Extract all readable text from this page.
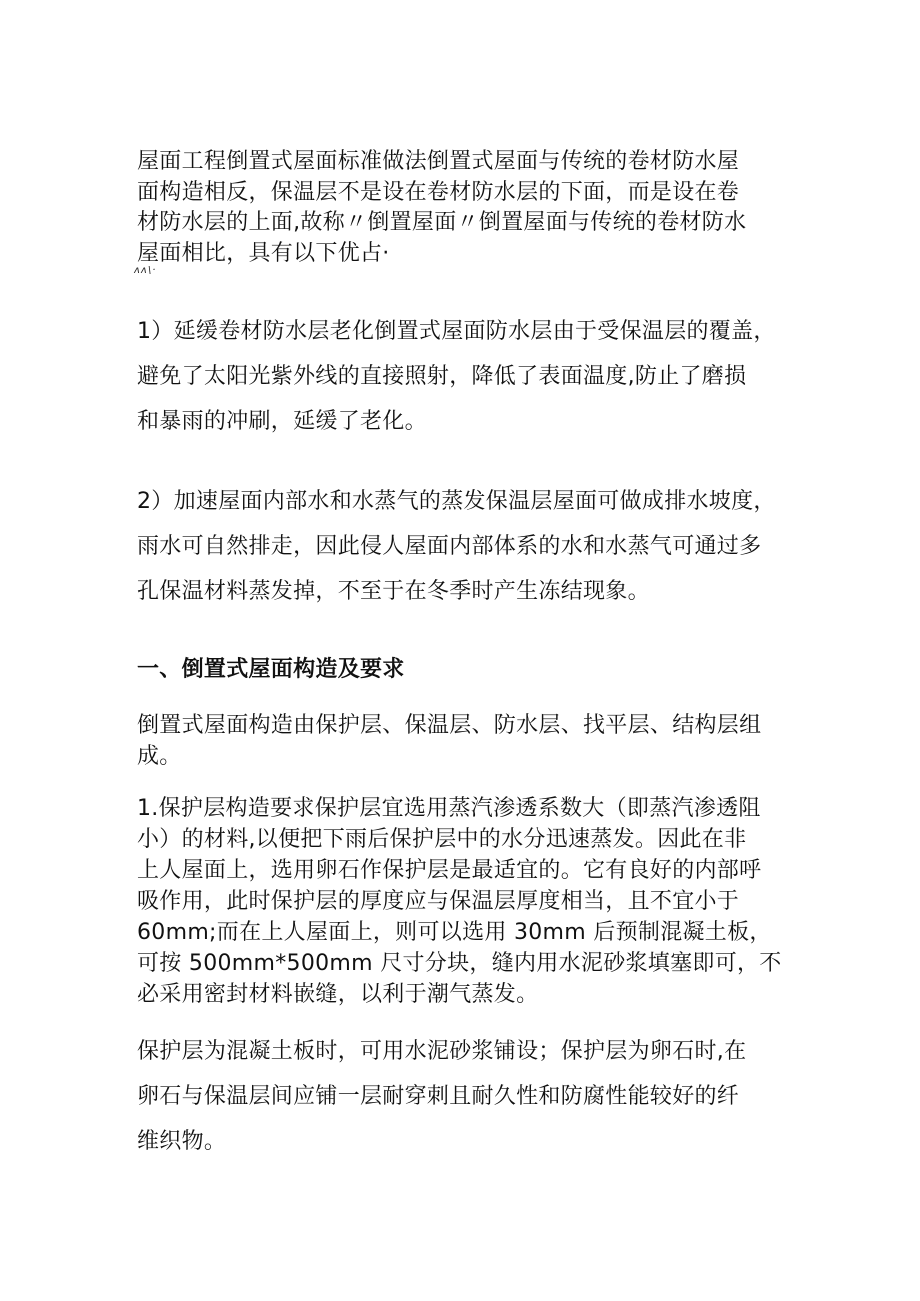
屋面工程倒置式屋面标准做法倒置式屋面与传统的卷材防水屋
面构造相反，保温层不是设在卷材防水层的下面，而是设在卷
材防水层的上面,故称〃倒置屋面〃倒置屋面与传统的卷材防水
屋面相比，具有以下优占·
ʌʌ\·
1）延缓卷材防水层老化倒置式屋面防水层由于受保温层的覆盖，
避免了太阳光紫外线的直接照射，降低了表面温度,防止了磨损
和暴雨的冲刷，延缓了老化。
2）加速屋面内部水和水蒸气的蒸发保温层屋面可做成排水坡度，
雨水可自然排走，因此侵人屋面内部体系的水和水蒸气可通过多
孔保温材料蒸发掉，不至于在冬季时产生冻结现象。
一、倒置式屋面构造及要求
倒置式屋面构造由保护层、保温层、防水层、找平层、结构层组
成。
1.保护层构造要求保护层宜选用蒸汽渗透系数大（即蒸汽渗透阻
小）的材料,以便把下雨后保护层中的水分迅速蒸发。因此在非
上人屋面上，选用卵石作保护层是最适宜的。它有良好的内部呼
吸作用，此时保护层的厚度应与保温层厚度相当，且不宜小于
60mm;而在上人屋面上，则可以选用 30mm 后预制混凝土板，
可按 500mm*500mm 尺寸分块，缝内用水泥砂浆填塞即可，不
必采用密封材料嵌缝，以利于潮气蒸发。
保护层为混凝土板时，可用水泥砂浆铺设；保护层为卵石时,在
卵石与保温层间应铺一层耐穿刺且耐久性和防腐性能较好的纤
维织物。
